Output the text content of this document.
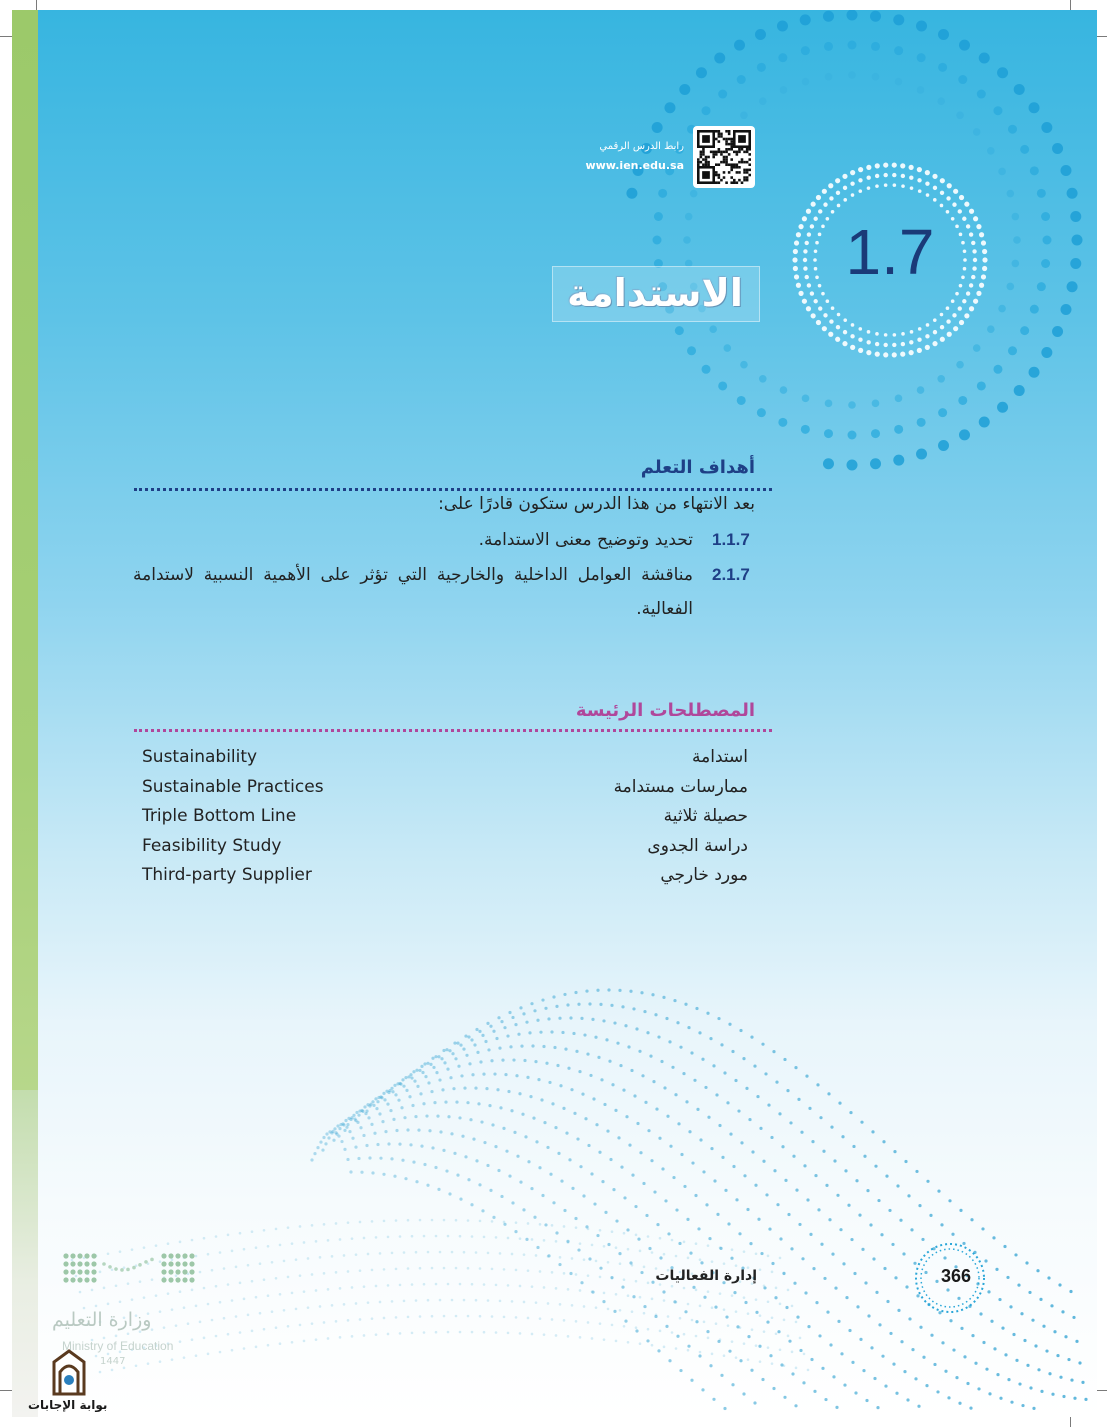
رابط الدرس الرقمي
www.ien.edu.sa
1.7
الاستدامة
أهداف التعلم
بعد الانتهاء من هذا الدرس ستكون قادرًا على:
1.1.7
تحديد وتوضيح معنى الاستدامة.
2.1.7
مناقشة العوامل الداخلية والخارجية التي تؤثر على الأهمية النسبية لاستدامة الفعالية.
المصطلحات الرئيسة
Sustainability	استدامة
Sustainable Practices	ممارسات مستدامة
Triple Bottom Line	حصيلة ثلاثية
Feasibility Study	دراسة الجدوى
Third-party Supplier	مورد خارجي
إدارة الفعاليات	366
وزارة التعليم
Ministry of Education
1447
بوابة الإجابات
